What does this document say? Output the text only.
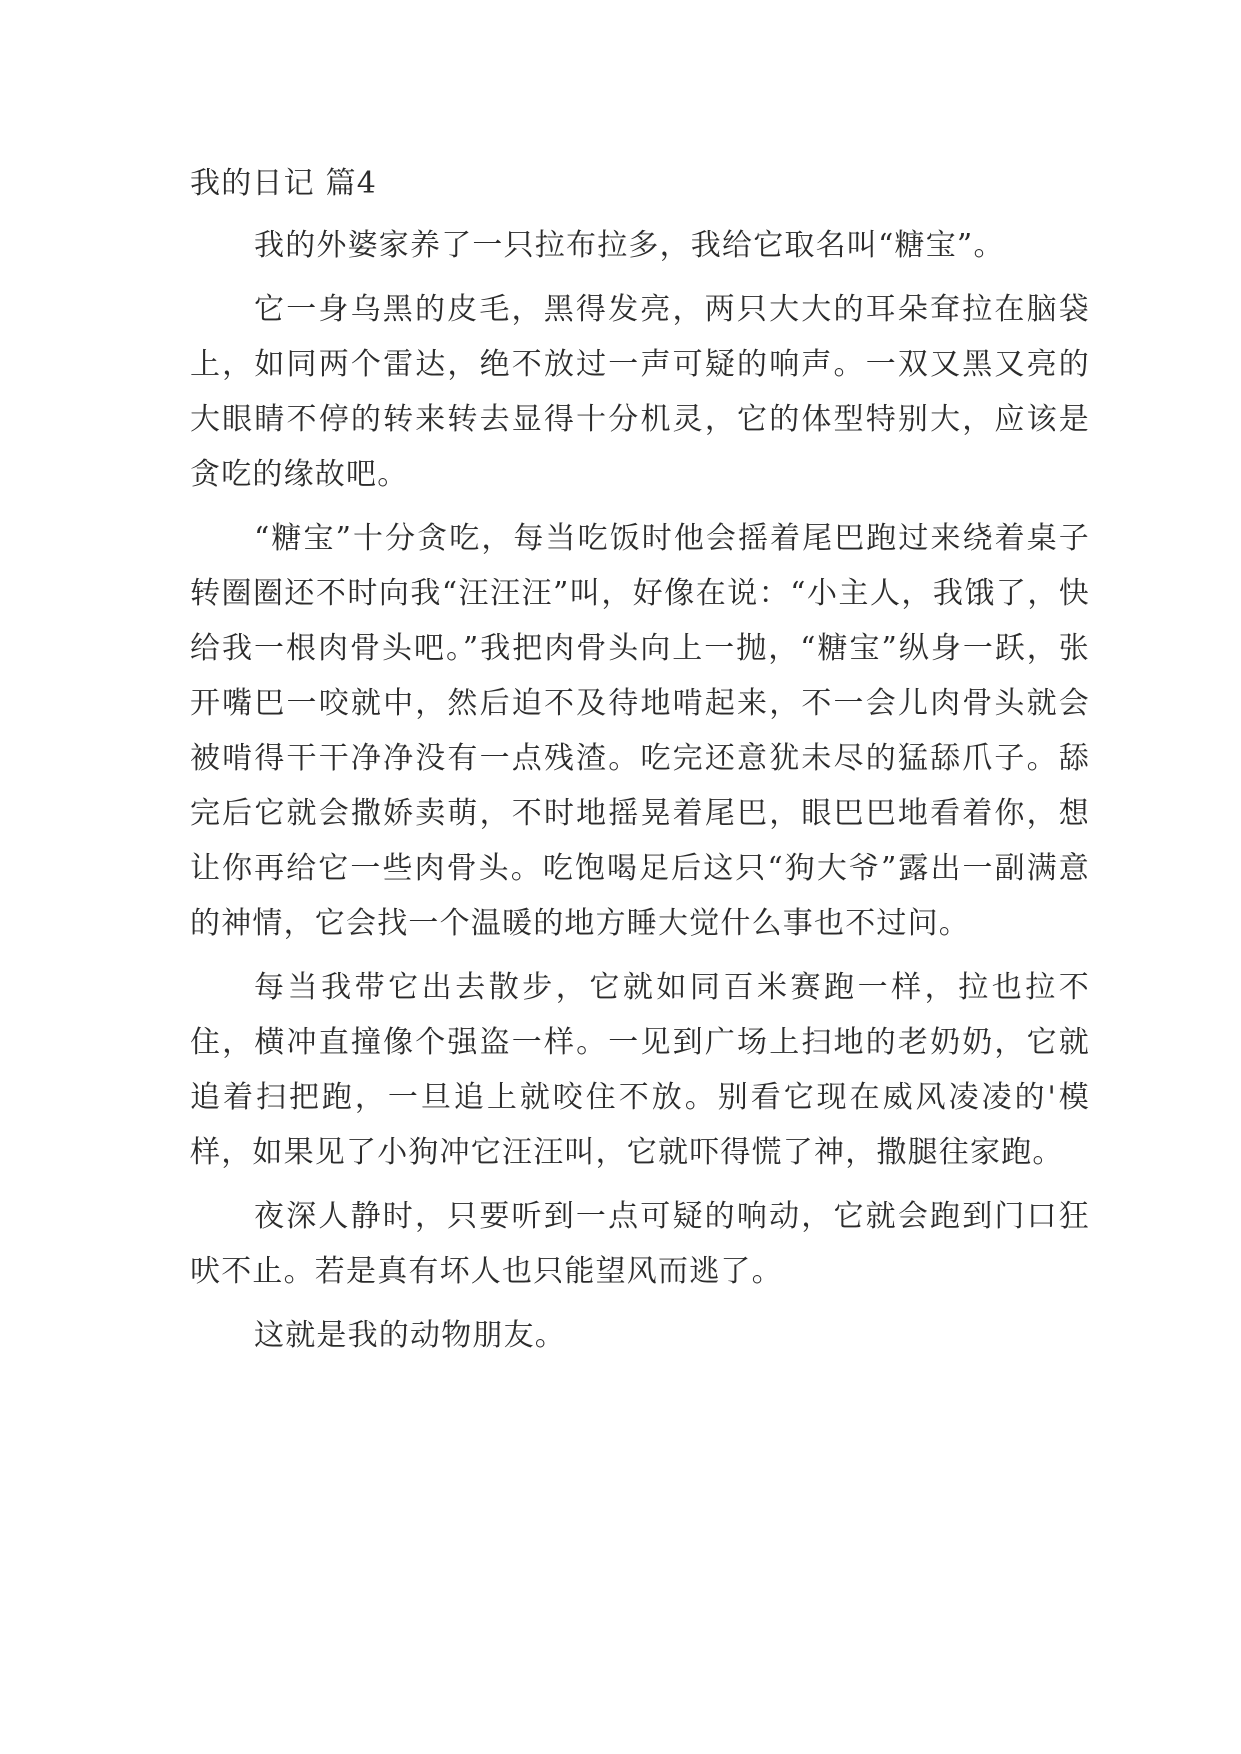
我的日记 篇4

我的外婆家养了一只拉布拉多，我给它取名叫“糖宝”。

它一身乌黑的皮毛，黑得发亮，两只大大的耳朵耷拉在脑袋上，如同两个雷达，绝不放过一声可疑的响声。一双又黑又亮的大眼睛不停的转来转去显得十分机灵，它的体型特别大，应该是贪吃的缘故吧。

“糖宝”十分贪吃，每当吃饭时他会摇着尾巴跑过来绕着桌子转圈圈还不时向我“汪汪汪”叫，好像在说：“小主人，我饿了，快给我一根肉骨头吧。”我把肉骨头向上一抛，“糖宝”纵身一跃，张开嘴巴一咬就中，然后迫不及待地啃起来，不一会儿肉骨头就会被啃得干干净净没有一点残渣。吃完还意犹未尽的猛舔爪子。舔完后它就会撒娇卖萌，不时地摇晃着尾巴，眼巴巴地看着你，想让你再给它一些肉骨头。吃饱喝足后这只“狗大爷”露出一副满意的神情，它会找一个温暖的地方睡大觉什么事也不过问。

每当我带它出去散步，它就如同百米赛跑一样，拉也拉不住，横冲直撞像个强盗一样。一见到广场上扫地的老奶奶，它就追着扫把跑，一旦追上就咬住不放。别看它现在威风凌凌的'模样，如果见了小狗冲它汪汪叫，它就吓得慌了神，撒腿往家跑。

夜深人静时，只要听到一点可疑的响动，它就会跑到门口狂吠不止。若是真有坏人也只能望风而逃了。

这就是我的动物朋友。
